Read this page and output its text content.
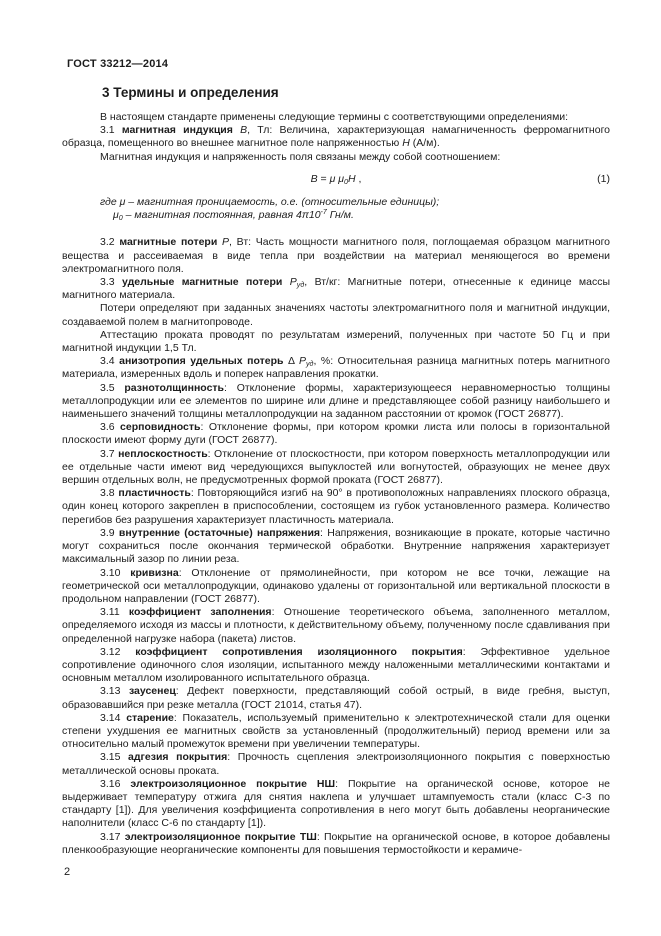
ГОСТ 33212—2014
3 Термины и определения

В настоящем стандарте применены следующие термины с соответствующими определениями:

3.1 магнитная индукция B, Тл: Величина, характеризующая намагниченность ферромагнитного образца, помещенного во внешнее магнитное поле напряженностью H (А/м).

Магнитная индукция и напряженность поля связаны между собой соотношением:

B = μ $\mu_0H$ ,	(1)
где μ – магнитная проницаемость, о.е. (относительные единицы);
$\mu_0$ – магнитная постоянная, равная $4\pi 10^{-7}$ Гн/м.

3.2 магнитные потери P, Вт: Часть мощности магнитного поля, поглощаемая образцом магнитного вещества и рассеиваемая в виде тепла при воздействии на материал меняющегося во времени электромагнитного поля.

3.3 удельные магнитные потери $P_{уд}$, Вт/кг: Магнитные потери, отнесенные к единице массы магнитного материала.

Потери определяют при заданных значениях частоты электромагнитного поля и магнитной индукции, создаваемой полем в магнитопроводе.

Аттестацию проката проводят по результатам измерений, полученных при частоте 50 Гц и при магнитной индукции 1,5 Тл.

3.4 анизотропия удельных потерь Δ $P_{уд}$, %: Относительная разница магнитных потерь магнитного материала, измеренных вдоль и поперек направления прокатки.

3.5 разнотолщинность: Отклонение формы, характеризующееся неравномерностью толщины металлопродукции или ее элементов по ширине или длине и представляющее собой разницу наибольшего и наименьшего значений толщины металлопродукции на заданном расстоянии от кромок (ГОСТ 26877).

3.6 серповидность: Отклонение формы, при котором кромки листа или полосы в горизонтальной плоскости имеют форму дуги (ГОСТ 26877).

3.7 неплоскостность: Отклонение от плоскостности, при котором поверхность металлопродукции или ее отдельные части имеют вид чередующихся выпуклостей или вогнутостей, образующих не менее двух вершин отдельных волн, не предусмотренных формой проката (ГОСТ 26877).

3.8 пластичность: Повторяющийся изгиб на 90° в противоположных направлениях плоского образца, один конец которого закреплен в приспособлении, состоящем из губок установленного размера. Количество перегибов без разрушения характеризует пластичность материала.

3.9 внутренние (остаточные) напряжения: Напряжения, возникающие в прокате, которые частично могут сохраниться после окончания термической обработки. Внутренние напряжения характеризует максимальный зазор по линии реза.

3.10 кривизна: Отклонение от прямолинейности, при котором не все точки, лежащие на геометрической оси металлопродукции, одинаково удалены от горизонтальной или вертикальной плоскости в продольном направлении (ГОСТ 26877).

3.11 коэффициент заполнения: Отношение теоретического объема, заполненного металлом, определяемого исходя из массы и плотности, к действительному объему, полученному после сдавливания при определенной нагрузке набора (пакета) листов.

3.12 коэффициент сопротивления изоляционного покрытия: Эффективное удельное сопротивление одиночного слоя изоляции, испытанного между наложенными металлическими контактами и основным металлом изолированного испытательного образца.

3.13 заусенец: Дефект поверхности, представляющий собой острый, в виде гребня, выступ, образовавшийся при резке металла (ГОСТ 21014, статья 47).

3.14 старение: Показатель, используемый применительно к электротехнической стали для оценки степени ухудшения ее магнитных свойств за установленный (продолжительный) период времени или за относительно малый промежуток времени при увеличении температуры.

3.15 адгезия покрытия: Прочность сцепления электроизоляционного покрытия с поверхностью металлической основы проката.

3.16 электроизоляционное покрытие НШ: Покрытие на органической основе, которое не выдерживает температуру отжига для снятия наклепа и улучшает штампуемость стали (класс С-3 по стандарту [1]). Для увеличения коэффициента сопротивления в него могут быть добавлены неорганические наполнители (класс С-6 по стандарту [1]).

3.17 электроизоляционное покрытие ТШ: Покрытие на органической основе, в которое добавлены пленкообразующие неорганические компоненты для повышения термостойкости и керамиче-

2
